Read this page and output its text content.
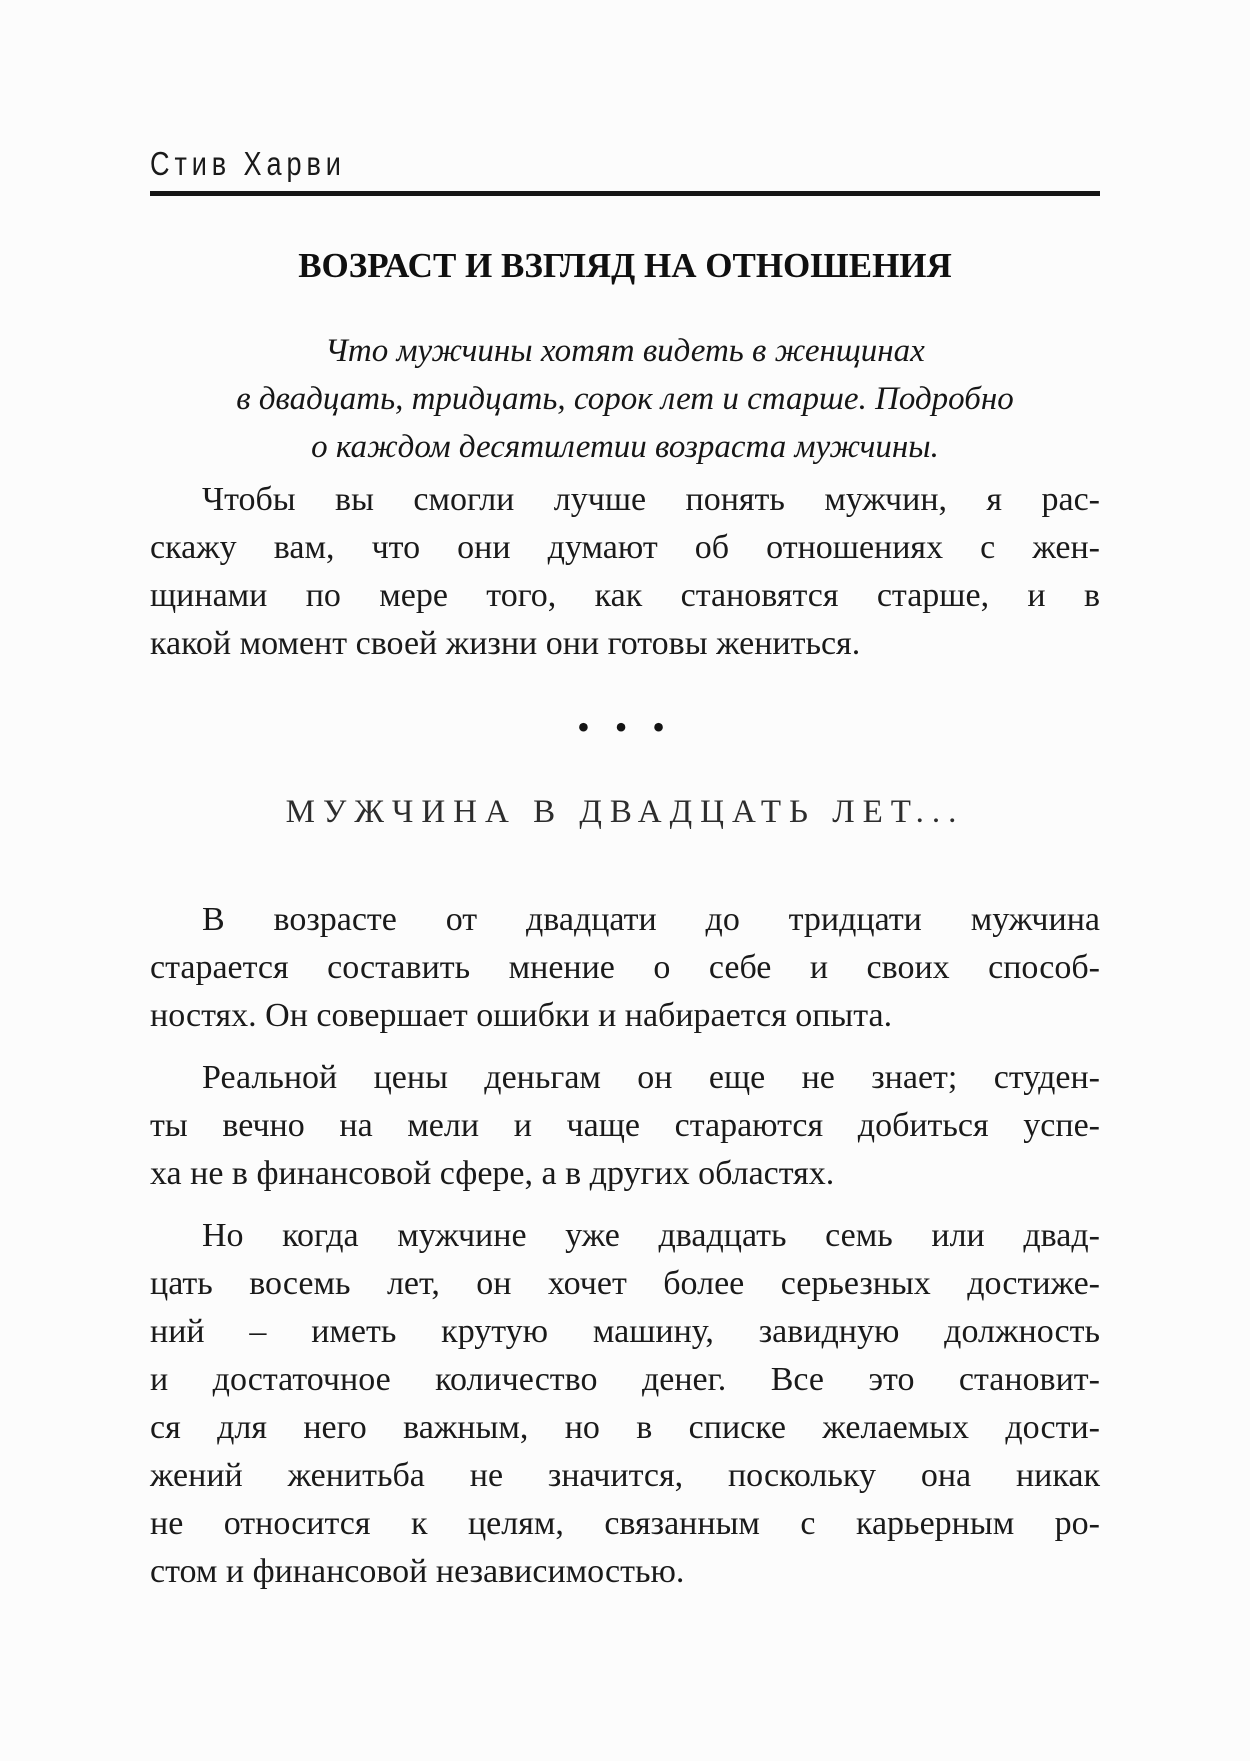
Стив Харви
ВОЗРАСТ И ВЗГЛЯД НА ОТНОШЕНИЯ
Что мужчины хотят видеть в женщинах
в двадцать, тридцать, сорок лет и старше. Подробно
о каждом десятилетии возраста мужчины.
Чтобы вы смогли лучше понять мужчин, я рас-
скажу вам, что они думают об отношениях с жен-
щинами по мере того, как становятся старше, и в
какой момент своей жизни они готовы жениться.
• • •
МУЖЧИНА В ДВАДЦАТЬ ЛЕТ...
В возрасте от двадцати до тридцати мужчина
старается составить мнение о себе и своих способ-
ностях. Он совершает ошибки и набирается опыта.
Реальной цены деньгам он еще не знает; студен-
ты вечно на мели и чаще стараются добиться успе-
ха не в финансовой сфере, а в других областях.
Но когда мужчине уже двадцать семь или двад-
цать восемь лет, он хочет более серьезных достиже-
ний – иметь крутую машину, завидную должность
и достаточное количество денег. Все это становит-
ся для него важным, но в списке желаемых дости-
жений женитьба не значится, поскольку она никак
не относится к целям, связанным с карьерным ро-
стом и финансовой независимостью.
